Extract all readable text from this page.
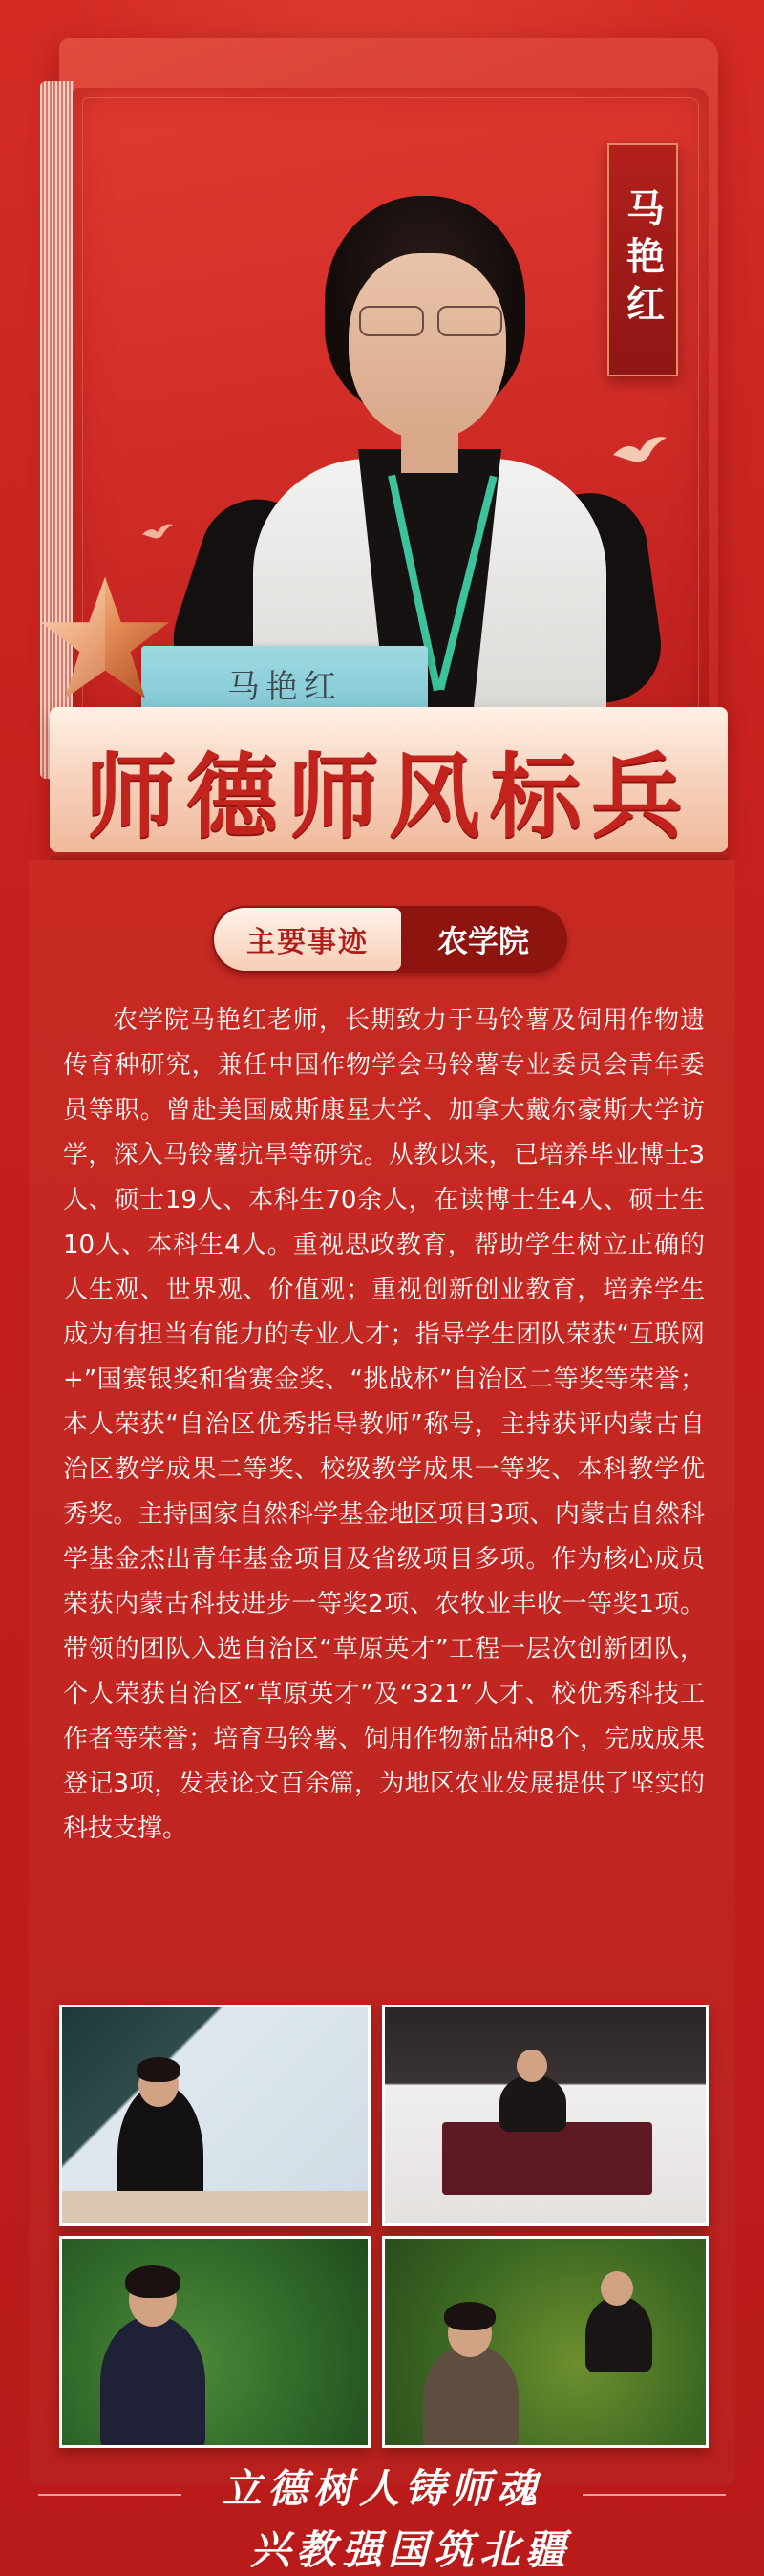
马艳红
马艳红
师德师风标兵
主要事迹	农学院
农学院马艳红老师，长期致力于马铃薯及饲用作物遗传育种研究，兼任中国作物学会马铃薯专业委员会青年委员等职。曾赴美国威斯康星大学、加拿大戴尔豪斯大学访学，深入马铃薯抗旱等研究。从教以来，已培养毕业博士3人、硕士19人、本科生70余人，在读博士生4人、硕士生10人、本科生4人。重视思政教育，帮助学生树立正确的人生观、世界观、价值观；重视创新创业教育，培养学生成为有担当有能力的专业人才；指导学生团队荣获“互联网+”国赛银奖和省赛金奖、“挑战杯”自治区二等奖等荣誉；本人荣获“自治区优秀指导教师”称号，主持获评内蒙古自治区教学成果二等奖、校级教学成果一等奖、本科教学优秀奖。主持国家自然科学基金地区项目3项、内蒙古自然科学基金杰出青年基金项目及省级项目多项。作为核心成员荣获内蒙古科技进步一等奖2项、农牧业丰收一等奖1项。带领的团队入选自治区“草原英才”工程一层次创新团队，个人荣获自治区“草原英才”及“321”人才、校优秀科技工作者等荣誉；培育马铃薯、饲用作物新品种8个，完成成果登记3项，发表论文百余篇，为地区农业发展提供了坚实的科技支撑。
立德树人铸师魂
兴教强国筑北疆
